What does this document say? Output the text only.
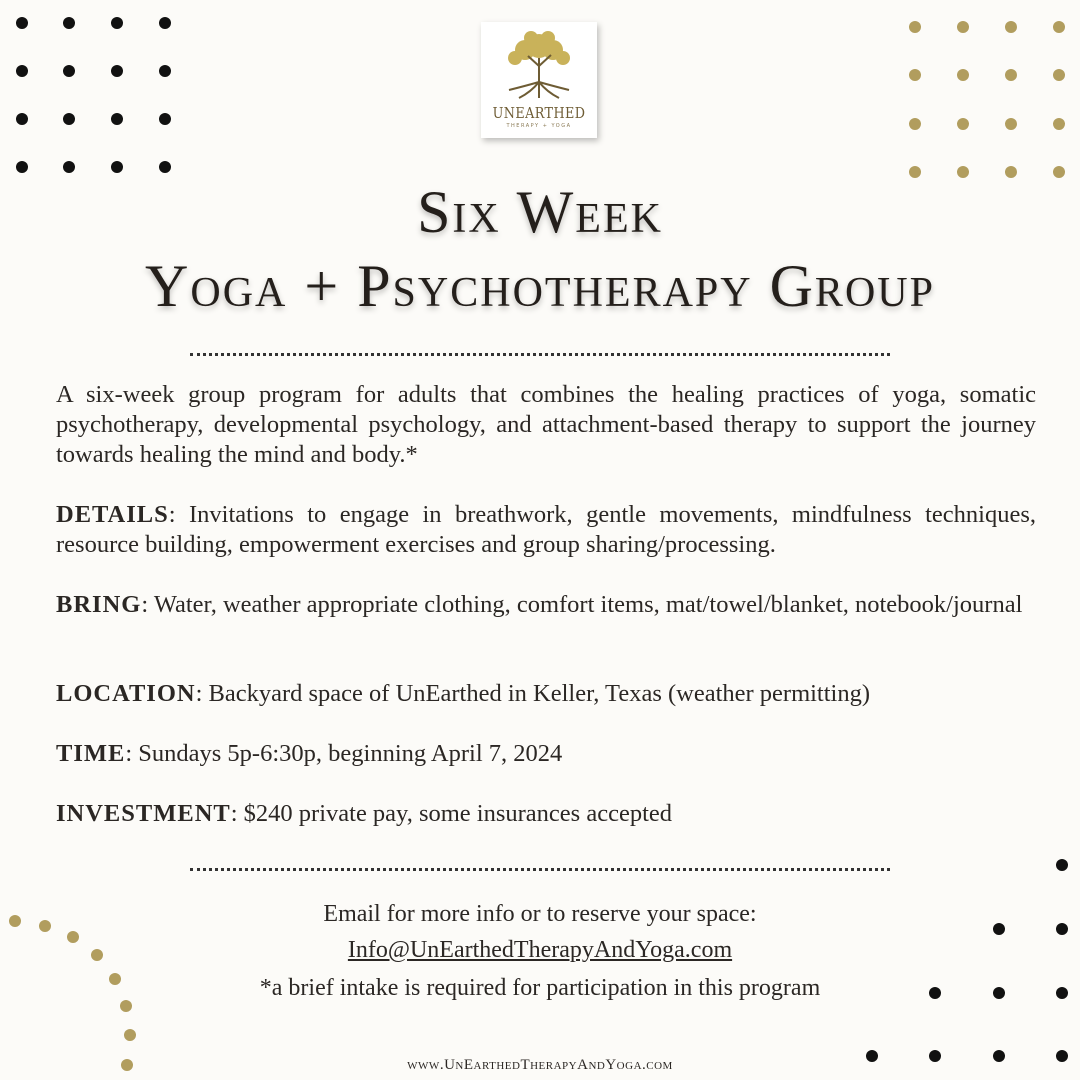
UNEARTHED
THERAPY + YOGA
Six Week
Yoga + Psychotherapy Group
A six-week group program for adults that combines the healing practices of yoga, somatic psychotherapy, developmental psychology, and attachment-based therapy to support the journey towards healing the mind and body.*
DETAILS: Invitations to engage in breathwork, gentle movements, mindfulness techniques, resource building, empowerment exercises and group sharing/processing.
BRING: Water, weather appropriate clothing, comfort items, mat/towel/blanket, notebook/journal
LOCATION: Backyard space of UnEarthed in Keller, Texas (weather permitting)
TIME: Sundays 5p-6:30p, beginning April 7, 2024
INVESTMENT: $240 private pay, some insurances accepted
Email for more info or to reserve your space:
Info@UnEarthedTherapyAndYoga.com
*a brief intake is required for participation in this program
www.UnEarthedTherapyAndYoga.com
